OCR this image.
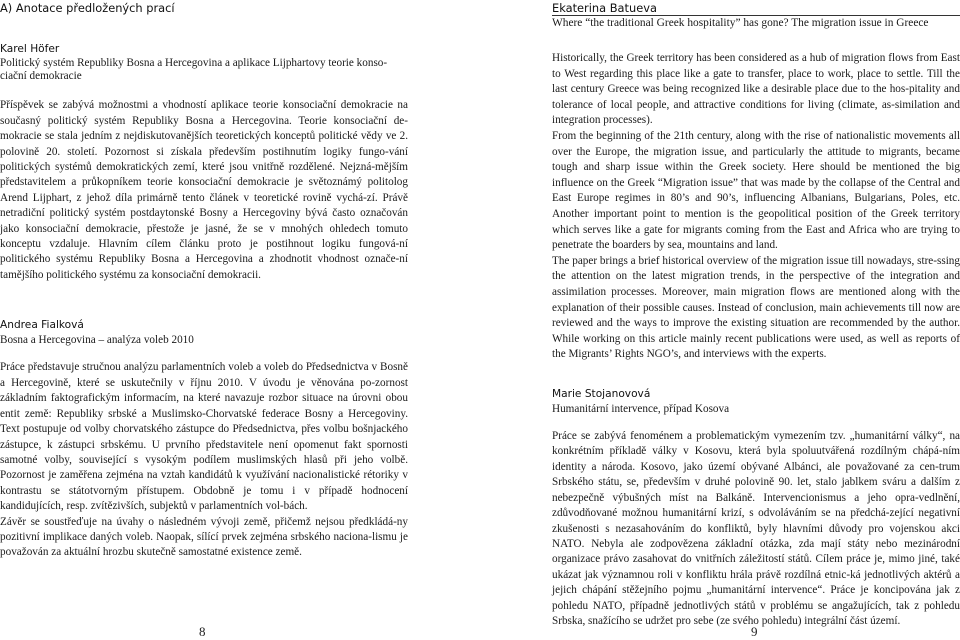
A) Anotace předložených prací

Karel Höfer

Politický systém Republiky Bosna a Hercegovina a aplikace Lijphartovy teorie konso-ciační demokracie

Příspěvek se zabývá možnostmi a vhodností aplikace teorie konsociační demokracie na současný politický systém Republiky Bosna a Hercegovina. Teorie konsociační de-mokracie se stala jedním z nejdiskutovanějších teoretických konceptů politické vědy ve 2. polovině 20. století. Pozornost si získala především postihnutím logiky fungo-vání politických systémů demokratických zemí, které jsou vnitřně rozdělené. Nejzná-mějším představitelem a průkopníkem teorie konsociační demokracie je světoznámý politolog Arend Lijphart, z jehož díla primárně tento článek v teoretické rovině vychá-zí. Právě netradiční politický systém postdaytonské Bosny a Hercegoviny bývá často označován jako konsociační demokracie, přestože je jasné, že se v mnohých ohledech tomuto konceptu vzdaluje. Hlavním cílem článku proto je postihnout logiku fungová-ní politického systému Republiky Bosna a Hercegovina a zhodnotit vhodnost označe-ní tamějšího politického systému za konsociační demokracii.

Andrea Fialková

Bosna a Hercegovina – analýza voleb 2010

Práce představuje stručnou analýzu parlamentních voleb a voleb do Předsednictva v Bosně a Hercegovině, které se uskutečnily v říjnu 2010. V úvodu je věnována po-zornost základním faktografickým informacím, na které navazuje rozbor situace na úrovni obou entit země: Republiky srbské a Muslimsko-Chorvatské federace Bosny a Hercegoviny. Text postupuje od volby chorvatského zástupce do Předsednictva, přes volbu bošnjackého zástupce, k zástupci srbskému. U prvního představitele není opomenut fakt spornosti samotné volby, související s vysokým podílem muslimských hlasů při jeho volbě. Pozornost je zaměřena zejména na vztah kandidátů k využívání nacionalistické rétoriky v kontrastu se státotvorným přístupem. Obdobně je tomu i v případě hodnocení kandidujících, resp. zvítězivších, subjektů v parlamentních vol-bách.

Závěr se soustřeďuje na úvahy o následném vývoji země, přičemž nejsou předkládá-ny pozitivní implikace daných voleb. Naopak, sílící prvek zejména srbského naciona-lismu je považován za aktuální hrozbu skutečně samostatné existence země.

8
Ekaterina Batueva
Where “the traditional Greek hospitality” has gone? The migration issue in Greece

Historically, the Greek territory has been considered as a hub of migration flows from East to West regarding this place like a gate to transfer, place to work, place to settle. Till the last century Greece was being recognized like a desirable place due to the hos-pitality and tolerance of local people, and attractive conditions for living (climate, as-similation and integration processes).

From the beginning of the 21th century, along with the rise of nationalistic movements all over the Europe, the migration issue, and particularly the attitude to migrants, became tough and sharp issue within the Greek society. Here should be mentioned the big influence on the Greek “Migration issue” that was made by the collapse of the Central and East Europe regimes in 80’s and 90’s, influencing Albanians, Bulgarians, Poles, etc. Another important point to mention is the geopolitical position of the Greek territory which serves like a gate for migrants coming from the East and Africa who are trying to penetrate the boarders by sea, mountains and land.

The paper brings a brief historical overview of the migration issue till nowadays, stre-ssing the attention on the latest migration trends, in the perspective of the integration and assimilation processes. Moreover, main migration flows are mentioned along with the explanation of their possible causes. Instead of conclusion, main achievements till now are reviewed and the ways to improve the existing situation are recommended by the author. While working on this article mainly recent publications were used, as well as reports of the Migrants’ Rights NGO’s, and interviews with the experts.

Marie Stojanovová

Humanitární intervence, případ Kosova

Práce se zabývá fenoménem a problematickým vymezením tzv. „humanitární války“, na konkrétním příkladě války v Kosovu, která byla spoluutvářená rozdílným chápá-ním identity a národa. Kosovo, jako území obývané Albánci, ale považované za cen-trum Srbského státu, se, především v druhé polovině 90. let, stalo jablkem sváru a dalším z nebezpečně výbušných míst na Balkáně. Intervencionismus a jeho opra-vedlnění, zdůvodňované možnou humanitární krizí, s odvoláváním se na předchá-zející negativní zkušenosti s nezasahováním do konfliktů, byly hlavními důvody pro vojenskou akci NATO. Nebyla ale zodpovězena základní otázka, zda mají státy nebo mezinárodní organizace právo zasahovat do vnitřních záležitostí států. Cílem práce je, mimo jiné, také ukázat jak významnou roli v konfliktu hrála právě rozdílná etnic-ká jednotlivých aktérů a jejich chápání stěžejního pojmu „humanitární intervence“. Práce je koncipována jak z pohledu NATO, případně jednotlivých států v problému se angažujících, tak z pohledu Srbska, snažícího se udržet pro sebe (ze svého pohledu) integrální část území.

9
